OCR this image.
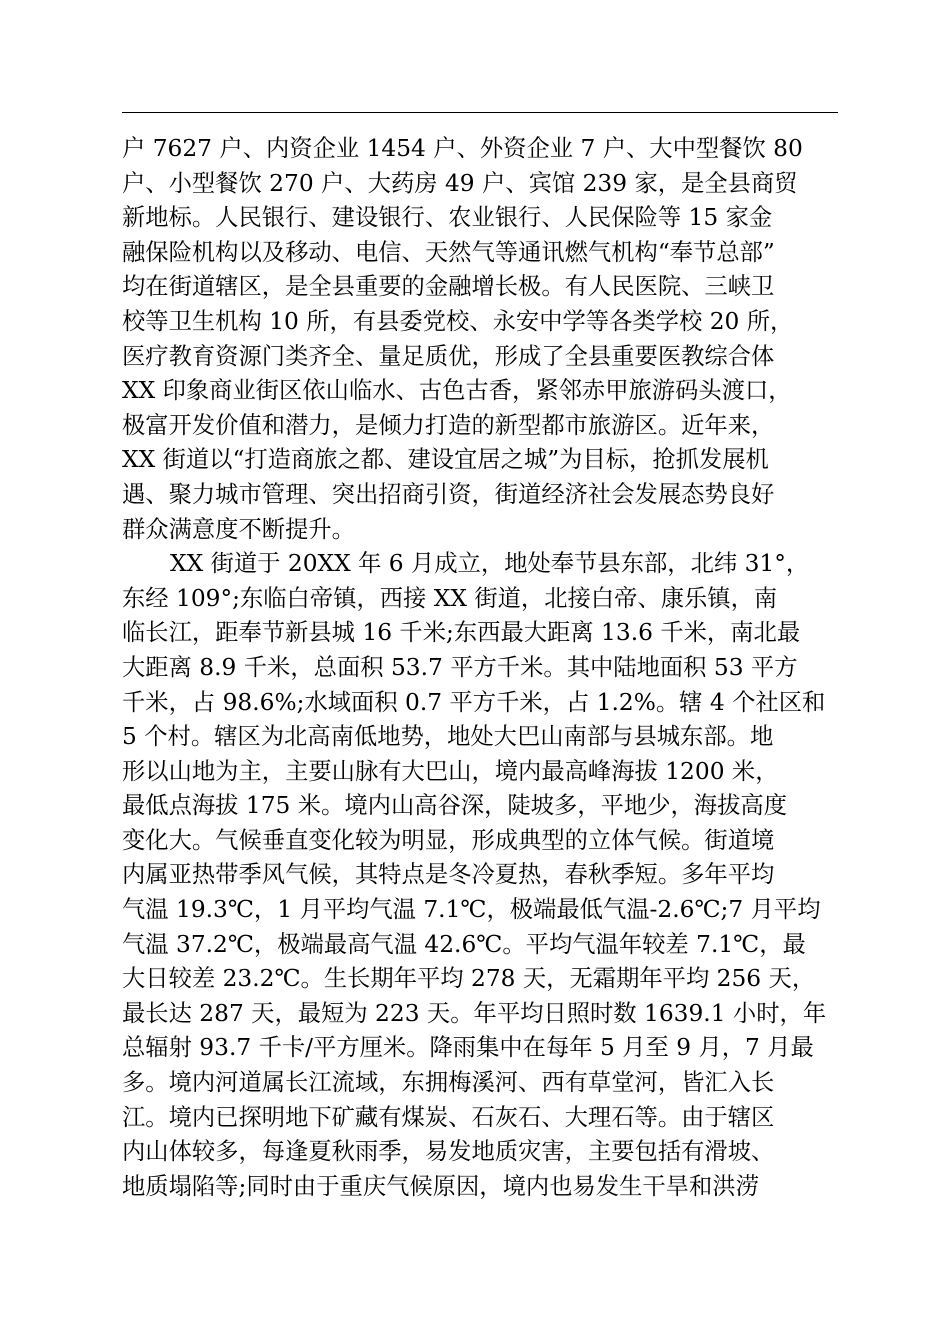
户 7627 户、内资企业 1454 户、外资企业 7 户、大中型餐饮 80
户、小型餐饮 270 户、大药房 49 户、宾馆 239 家，是全县商贸
新地标。人民银行、建设银行、农业银行、人民保险等 15 家金
融保险机构以及移动、电信、天然气等通讯燃气机构“奉节总部”
均在街道辖区，是全县重要的金融增长极。有人民医院、三峡卫
校等卫生机构 10 所，有县委党校、永安中学等各类学校 20 所，
医疗教育资源门类齐全、量足质优，形成了全县重要医教综合体
XX 印象商业街区依山临水、古色古香，紧邻赤甲旅游码头渡口，
极富开发价值和潜力，是倾力打造的新型都市旅游区。近年来，
XX 街道以“打造商旅之都、建设宜居之城”为目标，抢抓发展机
遇、聚力城市管理、突出招商引资，街道经济社会发展态势良好
群众满意度不断提升。
XX 街道于 20XX 年 6 月成立，地处奉节县东部，北纬 31°，
东经 109°;东临白帝镇，西接 XX 街道，北接白帝、康乐镇，南
临长江，距奉节新县城 16 千米;东西最大距离 13.6 千米，南北最
大距离 8.9 千米，总面积 53.7 平方千米。其中陆地面积 53 平方
千米，占 98.6%;水域面积 0.7 平方千米，占 1.2%。辖 4 个社区和
5 个村。辖区为北高南低地势，地处大巴山南部与县城东部。地
形以山地为主，主要山脉有大巴山，境内最高峰海拔 1200 米，
最低点海拔 175 米。境内山高谷深，陡坡多，平地少，海拔高度
变化大。气候垂直变化较为明显，形成典型的立体气候。街道境
内属亚热带季风气候，其特点是冬冷夏热，春秋季短。多年平均
气温 19.3℃，1 月平均气温 7.1℃，极端最低气温-2.6℃;7 月平均
气温 37.2℃，极端最高气温 42.6℃。平均气温年较差 7.1℃，最
大日较差 23.2℃。生长期年平均 278 天，无霜期年平均 256 天，
最长达 287 天，最短为 223 天。年平均日照时数 1639.1 小时，年
总辐射 93.7 千卡/平方厘米。降雨集中在每年 5 月至 9 月，7 月最
多。境内河道属长江流域，东拥梅溪河、西有草堂河，皆汇入长
江。境内已探明地下矿藏有煤炭、石灰石、大理石等。由于辖区
内山体较多，每逢夏秋雨季，易发地质灾害，主要包括有滑坡、
地质塌陷等;同时由于重庆气候原因，境内也易发生干旱和洪涝
